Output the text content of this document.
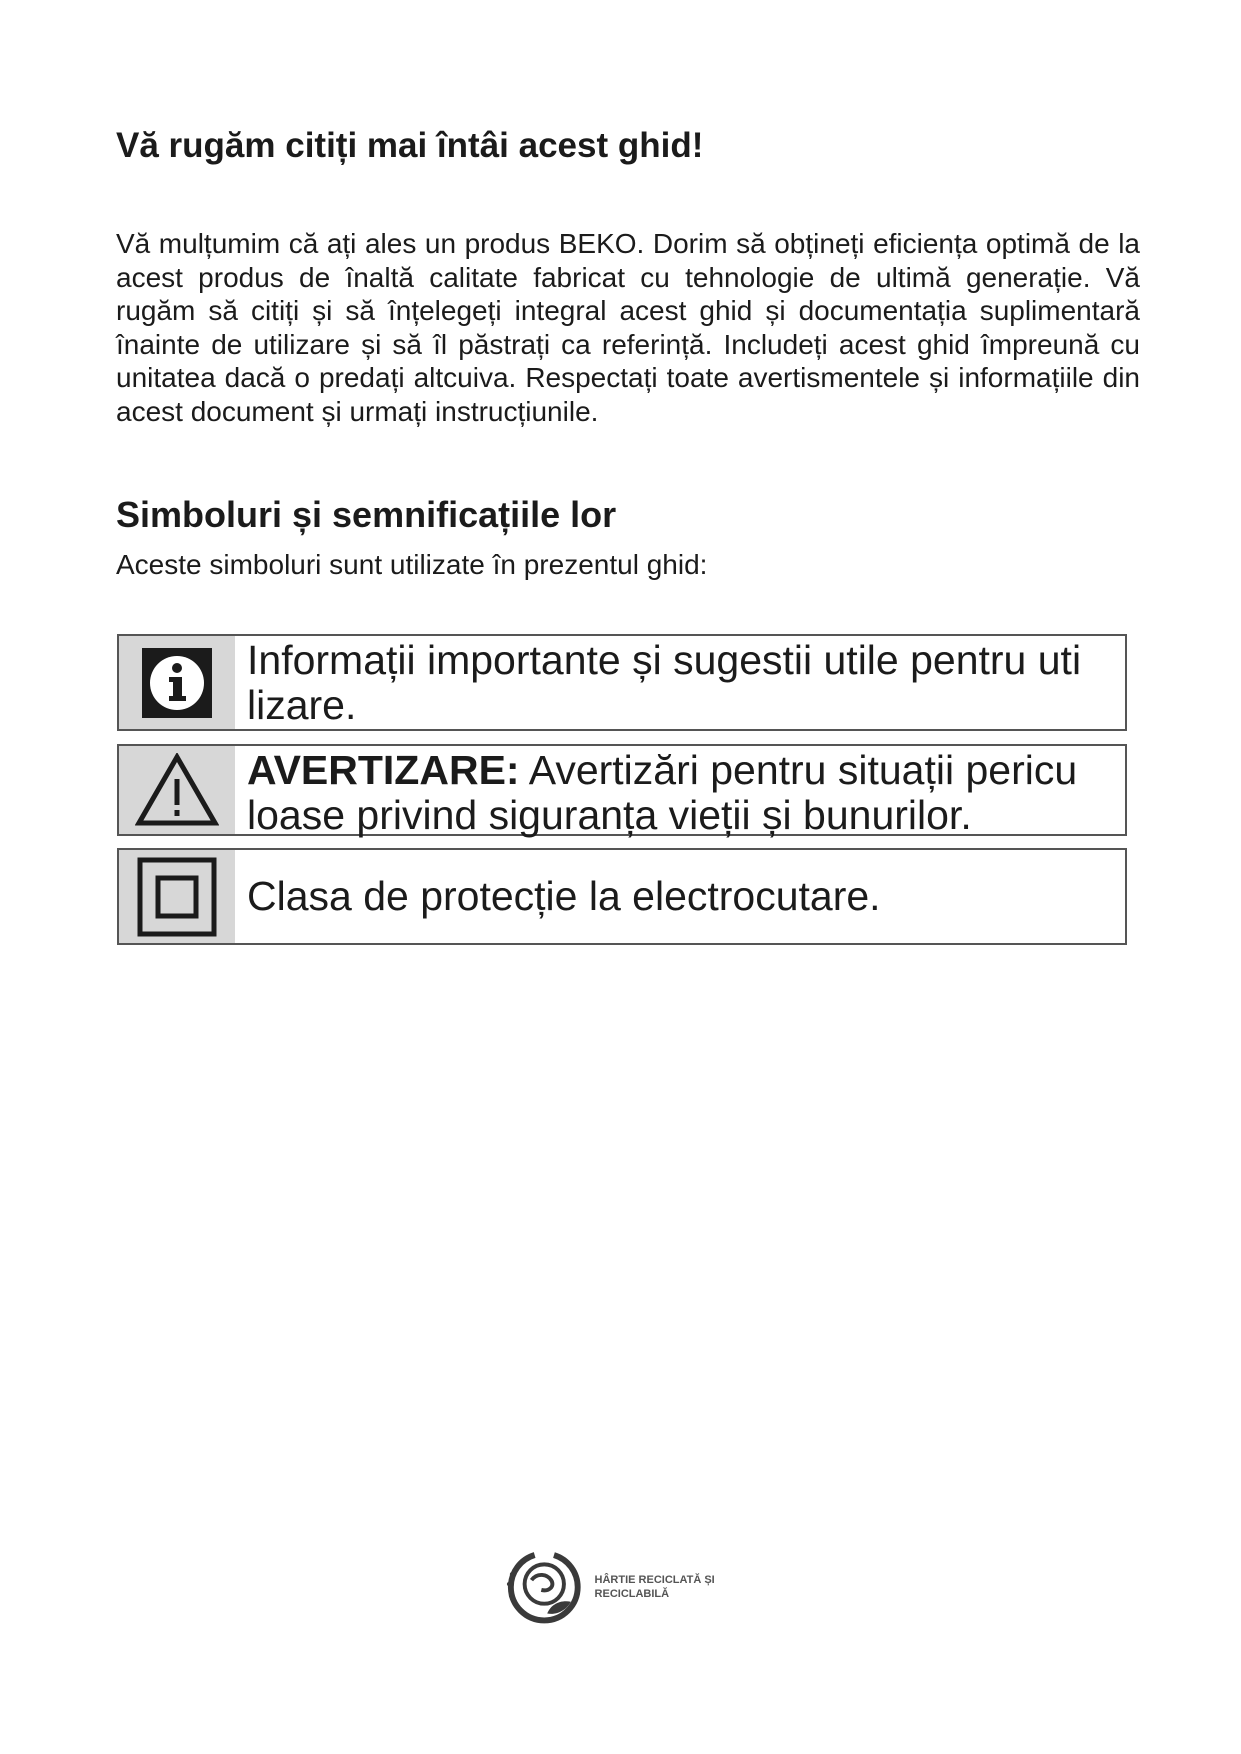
Vă rugăm citiți mai întâi acest ghid!

Vă mulțumim că ați ales un produs BEKO. Dorim să obțineți eficiența optimă de la acest produs de înaltă calitate fabricat cu tehnologie de ultimă generație. Vă rugăm să citiți și să înțelegeți integral acest ghid și documentația suplimentară înainte de utilizare și să îl păstrați ca referință. Includeți acest ghid împreună cu unitatea dacă o predați altcuiva. Respectați toate avertismentele și informațiile din acest document și urmați instrucțiunile.

Simboluri și semnificațiile lor

Aceste simboluri sunt utilizate în prezentul ghid:

Informații importante și sugestii utile pentru uti lizare.
AVERTIZARE: Avertizări pentru situații pericu loase privind siguranța vieții și bunurilor.
Clasa de protecție la electrocutare.
HÂRTIE RECICLATĂ ȘI RECICLABILĂ
